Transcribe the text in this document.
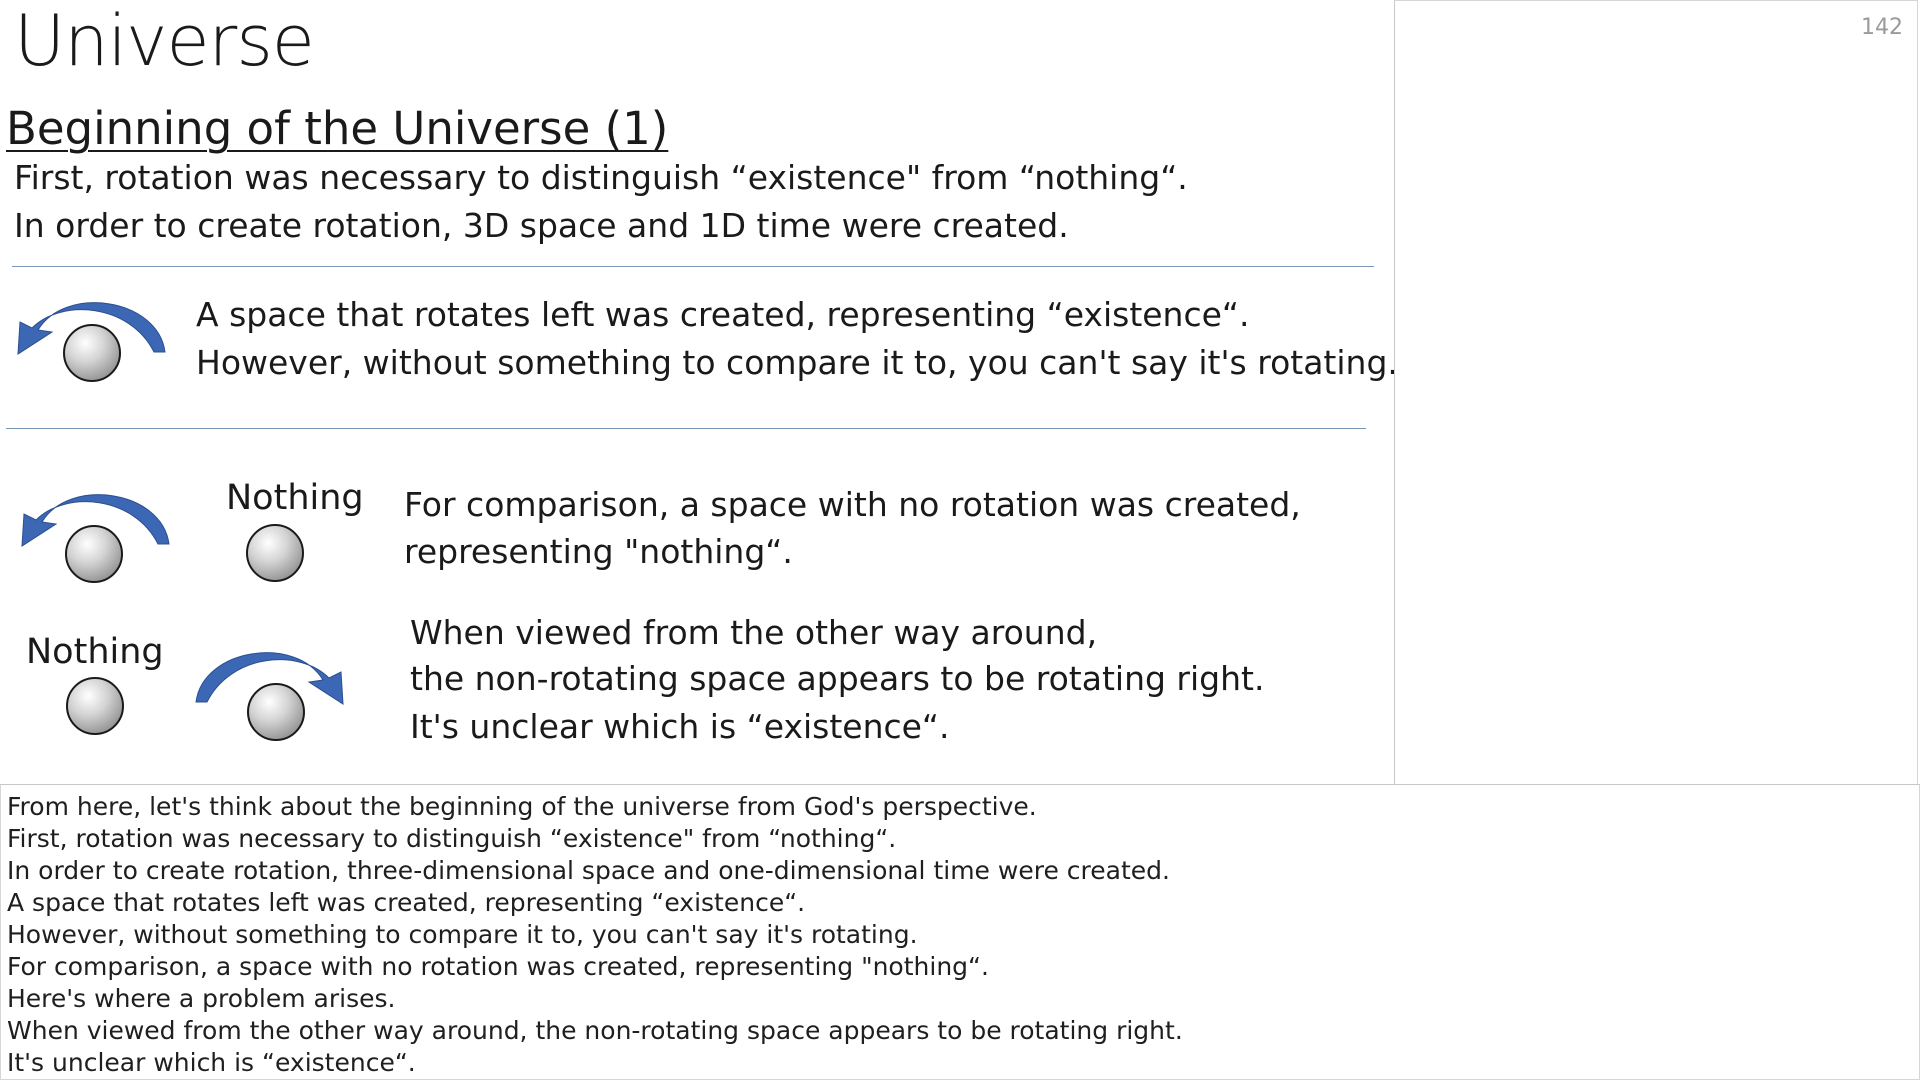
Universe
Beginning of the Universe (1)
First, rotation was necessary to distinguish “existence" from “nothing“.
In order to create rotation, 3D space and 1D time were created.
A space that rotates left was created, representing “existence“.
However, without something to compare it to, you can't say it's rotating.
Nothing For comparison, a space with no rotation was created,
representing "nothing“.
Nothing	When viewed from the other way around,
the non-rotating space appears to be rotating right.
It's unclear which is “existence“.
142
From here, let's think about the beginning of the universe from God's perspective.
First, rotation was necessary to distinguish “existence" from “nothing“.
In order to create rotation, three-dimensional space and one-dimensional time were created.
A space that rotates left was created, representing “existence“.
However, without something to compare it to, you can't say it's rotating.
For comparison, a space with no rotation was created, representing "nothing“.
Here's where a problem arises.
When viewed from the other way around, the non-rotating space appears to be rotating right.
It's unclear which is “existence“.
